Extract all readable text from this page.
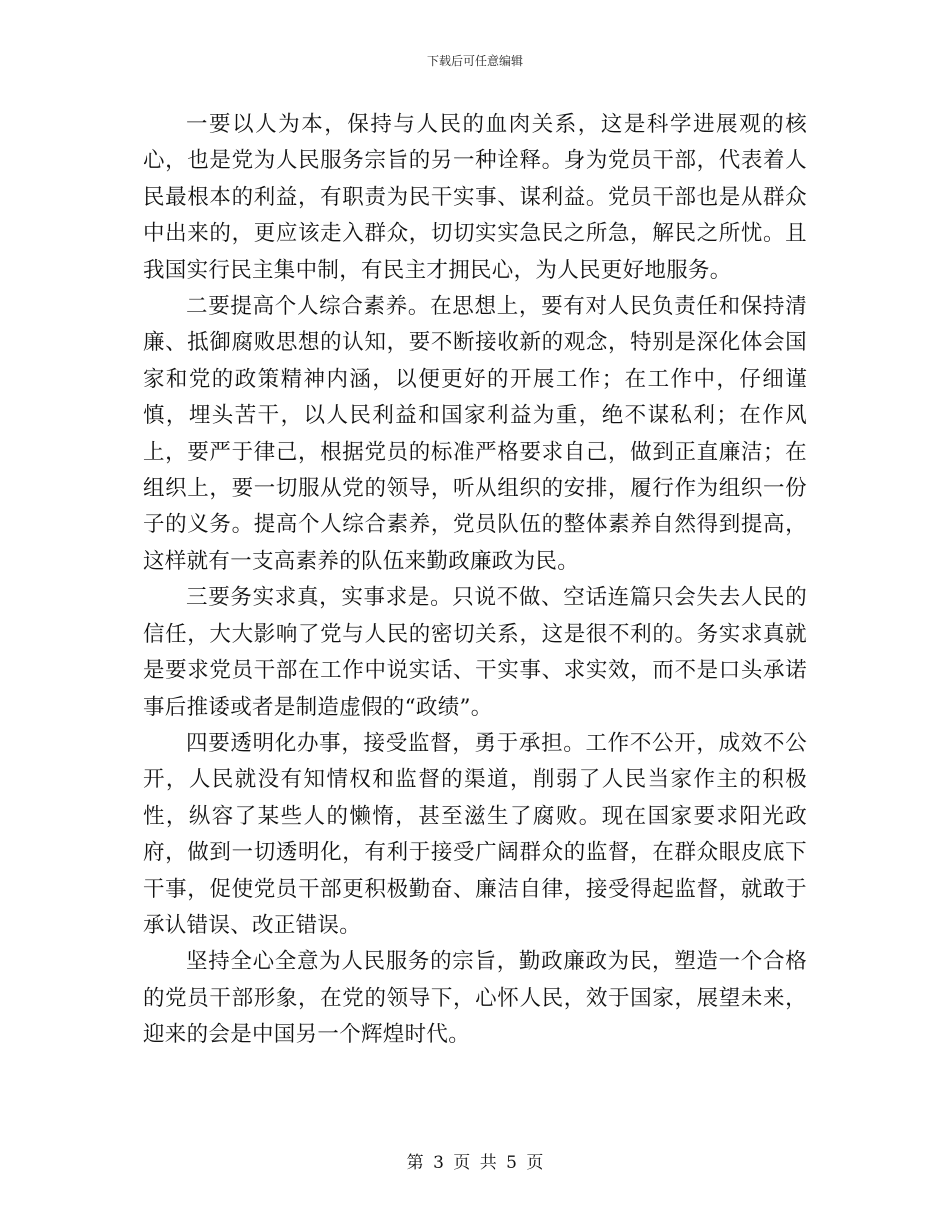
下载后可任意编辑

一要以人为本，保持与人民的血肉关系，这是科学进展观的核心，也是党为人民服务宗旨的另一种诠释。身为党员干部，代表着人民最根本的利益，有职责为民干实事、谋利益。党员干部也是从群众中出来的，更应该走入群众，切切实实急民之所急，解民之所忧。且我国实行民主集中制，有民主才拥民心，为人民更好地服务。

二要提高个人综合素养。在思想上，要有对人民负责任和保持清廉、抵御腐败思想的认知，要不断接收新的观念，特别是深化体会国家和党的政策精神内涵，以便更好的开展工作；在工作中，仔细谨慎，埋头苦干，以人民利益和国家利益为重，绝不谋私利；在作风上，要严于律己，根据党员的标准严格要求自己，做到正直廉洁；在组织上，要一切服从党的领导，听从组织的安排，履行作为组织一份子的义务。提高个人综合素养，党员队伍的整体素养自然得到提高，这样就有一支高素养的队伍来勤政廉政为民。

三要务实求真，实事求是。只说不做、空话连篇只会失去人民的信任，大大影响了党与人民的密切关系，这是很不利的。务实求真就是要求党员干部在工作中说实话、干实事、求实效，而不是口头承诺事后推诿或者是制造虚假的“政绩”。

四要透明化办事，接受监督，勇于承担。工作不公开，成效不公开，人民就没有知情权和监督的渠道，削弱了人民当家作主的积极性，纵容了某些人的懒惰，甚至滋生了腐败。现在国家要求阳光政府，做到一切透明化，有利于接受广阔群众的监督，在群众眼皮底下干事，促使党员干部更积极勤奋、廉洁自律，接受得起监督，就敢于承认错误、改正错误。

坚持全心全意为人民服务的宗旨，勤政廉政为民，塑造一个合格的党员干部形象，在党的领导下，心怀人民，效于国家，展望未来，迎来的会是中国另一个辉煌时代。

第 3 页 共 5 页
